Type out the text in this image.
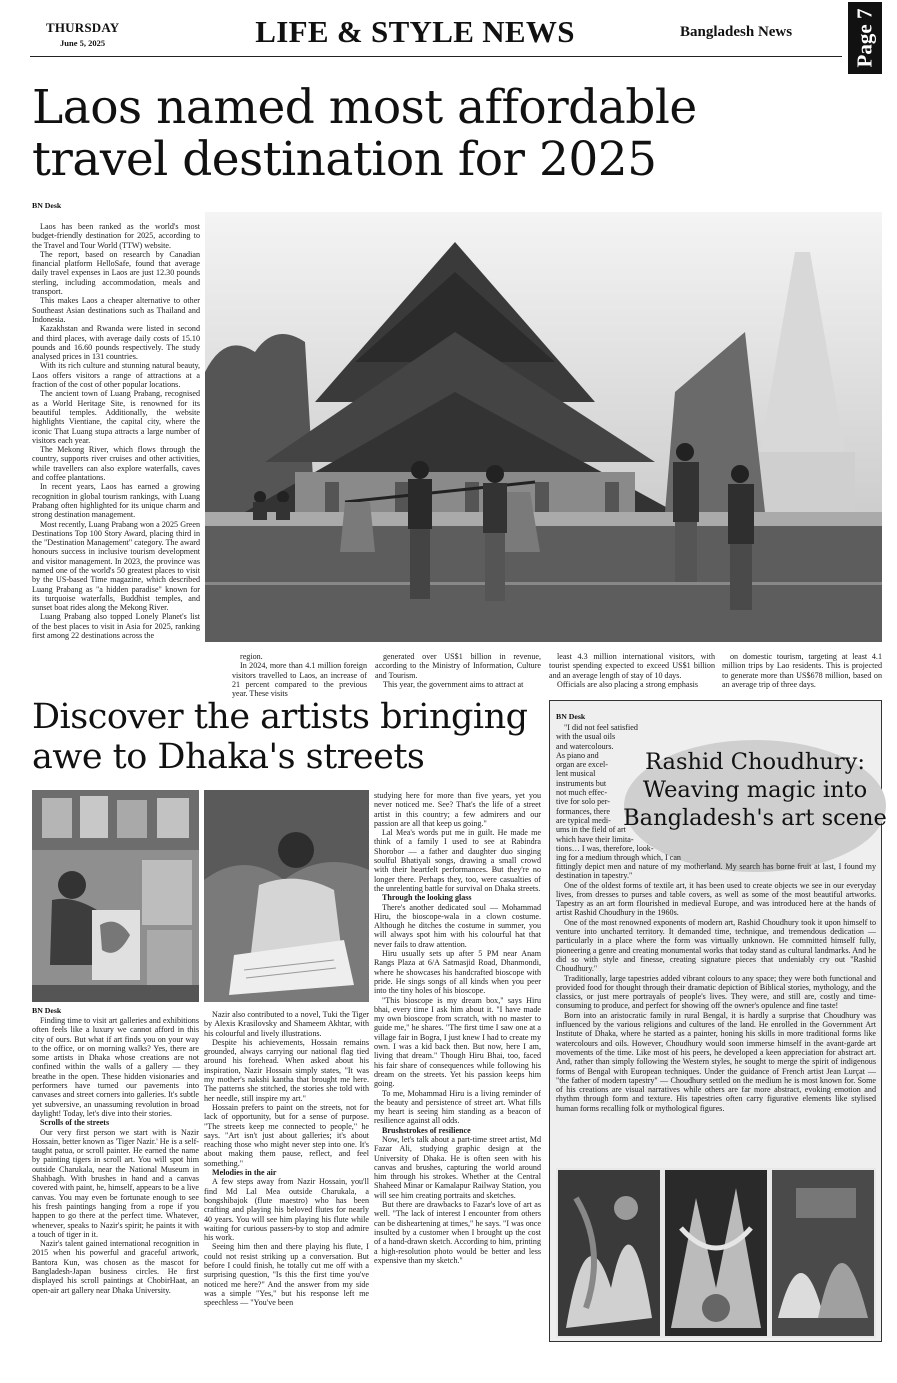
THURSDAY
June 5, 2025	LIFE & STYLE NEWS	Bangladesh News	Page 7
Laos named most affordable
travel destination for 2025
BN Desk

Laos has been ranked as the world's most budget-friendly destination for 2025, according to the Travel and Tour World (TTW) website.

The report, based on research by Canadian financial platform HelloSafe, found that average daily travel expenses in Laos are just 12.30 pounds sterling, including accommodation, meals and transport.

This makes Laos a cheaper alternative to other Southeast Asian destinations such as Thailand and Indonesia.

Kazakhstan and Rwanda were listed in second and third places, with average daily costs of 15.10 pounds and 16.60 pounds respectively. The study analysed prices in 131 countries.

With its rich culture and stunning natural beauty, Laos offers visitors a range of attractions at a fraction of the cost of other popular locations.

The ancient town of Luang Prabang, recognised as a World Heritage Site, is renowned for its beautiful temples. Additionally, the website highlights Vientiane, the capital city, where the iconic That Luang stupa attracts a large number of visitors each year.

The Mekong River, which flows through the country, supports river cruises and other activities, while travellers can also explore waterfalls, caves and coffee plantations.

In recent years, Laos has earned a growing recognition in global tourism rankings, with Luang Prabang often highlighted for its unique charm and strong destination management.

Most recently, Luang Prabang won a 2025 Green Destinations Top 100 Story Award, placing third in the "Destination Management" category. The award honours success in inclusive tourism development and visitor management. In 2023, the province was named one of the world's 50 greatest places to visit by the US-based Time magazine, which described Luang Prabang as "a hidden paradise" known for its turquoise waterfalls, Buddhist temples, and sunset boat rides along the Mekong River.

Luang Prabang also topped Lonely Planet's list of the best places to visit in Asia for 2025, ranking first among 22 destinations across the

region.

In 2024, more than 4.1 million foreign visitors travelled to Laos, an increase of 21 percent compared to the previous year. These visits

generated over US$1 billion in revenue, according to the Ministry of Information, Culture and Tourism.

This year, the government aims to attract at

least 4.3 million international visitors, with tourist spending expected to exceed US$1 billion and an average length of stay of 10 days.

Officials are also placing a strong emphasis

on domestic tourism, targeting at least 4.1 million trips by Lao residents. This is projected to generate more than US$678 million, based on an average trip of three days.

Discover the artists bringing
awe to Dhaka's streets
BN Desk

Finding time to visit art galleries and exhibitions often feels like a luxury we cannot afford in this city of ours. But what if art finds you on your way to the office, or on morning walks? Yes, there are some artists in Dhaka whose creations are not confined within the walls of a gallery — they breathe in the open. These hidden visionaries and performers have turned our pavements into canvases and street corners into galleries. It's subtle yet subversive, an unassuming revolution in broad daylight! Today, let's dive into their stories.

Scrolls of the streets

Our very first person we start with is Nazir Hossain, better known as 'Tiger Nazir.' He is a self-taught patua, or scroll painter. He earned the name by painting tigers in scroll art. You will spot him outside Charukala, near the National Museum in Shahbagh. With brushes in hand and a canvas covered with paint, he, himself, appears to be a live canvas. You may even be fortunate enough to see his fresh paintings hanging from a rope if you happen to go there at the perfect time. Whatever, whenever, speaks to Nazir's spirit; he paints it with a touch of tiger in it.

Nazir's talent gained international recognition in 2015 when his powerful and graceful artwork, Bantora Kun, was chosen as the mascot for Bangladesh-Japan business circles. He first displayed his scroll paintings at ChobirHaat, an open-air art gallery near Dhaka University.

Nazir also contributed to a novel, Tuki the Tiger by Alexis Krasilovsky and Shameem Akhtar, with his colourful and lively illustrations.

Despite his achievements, Hossain remains grounded, always carrying our national flag tied around his forehead. When asked about his inspiration, Nazir Hossain simply states, "It was my mother's nakshi kantha that brought me here. The patterns she stitched, the stories she told with her needle, still inspire my art."

Hossain prefers to paint on the streets, not for lack of opportunity, but for a sense of purpose. "The streets keep me connected to people," he says. "Art isn't just about galleries; it's about reaching those who might never step into one. It's about making them pause, reflect, and feel something."

Melodies in the air

A few steps away from Nazir Hossain, you'll find Md Lal Mea outside Charukala, a bongshibajok (flute maestro) who has been crafting and playing his beloved flutes for nearly 40 years. You will see him playing his flute while waiting for curious passers-by to stop and admire his work.

Seeing him then and there playing his flute, I could not resist striking up a conversation. But before I could finish, he totally cut me off with a surprising question, "Is this the first time you've noticed me here?" And the answer from my side was a simple "Yes," but his response left me speechless — "You've been

studying here for more than five years, yet you never noticed me. See? That's the life of a street artist in this country; a few admirers and our passion are all that keep us going."

Lal Mea's words put me in guilt. He made me think of a family I used to see at Rabindra Shorobor — a father and daughter duo singing soulful Bhatiyali songs, drawing a small crowd with their heartfelt performances. But they're no longer there. Perhaps they, too, were casualties of the unrelenting battle for survival on Dhaka streets.

Through the looking glass

There's another dedicated soul — Mohammad Hiru, the bioscope-wala in a clown costume. Although he ditches the costume in summer, you will always spot him with his colourful hat that never fails to draw attention.

Hiru usually sets up after 5 PM near Anam Rangs Plaza at 6/A Satmasjid Road, Dhanmondi, where he showcases his handcrafted bioscope with pride. He sings songs of all kinds when you peer into the tiny holes of his bioscope.

"This bioscope is my dream box," says Hiru bhai, every time I ask him about it. "I have made my own bioscope from scratch, with no master to guide me," he shares. "The first time I saw one at a village fair in Bogra, I just knew I had to create my own. I was a kid back then. But now, here I am, living that dream." Though Hiru Bhai, too, faced his fair share of consequences while following his dream on the streets. Yet his passion keeps him going.

To me, Mohammad Hiru is a living reminder of the beauty and persistence of street art. What fills my heart is seeing him standing as a beacon of resilience against all odds.

Brushstrokes of resilience

Now, let's talk about a part-time street artist, Md Fazar Ali, studying graphic design at the University of Dhaka. He is often seen with his canvas and brushes, capturing the world around him through his strokes. Whether at the Central Shaheed Minar or Kamalapur Railway Station, you will see him creating portraits and sketches.

But there are drawbacks to Fazar's love of art as well. "The lack of interest I encounter from others can be disheartening at times," he says. "I was once insulted by a customer when I brought up the cost of a hand-drawn sketch. According to him, printing a high-resolution photo would be better and less expensive than my sketch."

BN Desk
Rashid Choudhury: Weaving magic into Bangladesh's art scene
"I did not feel satisfied
with the usual oils
and watercolours.
As piano and
organ are excel-
lent musical
instruments but
not much effec-
tive for solo per-
formances, there
are typical medi-
ums in the field of art
which have their limita-
tions… I was, therefore, look-
ing for a medium through which, I can

fittingly depict men and nature of my motherland. My search has borne fruit at last, I found my destination in tapestry."

One of the oldest forms of textile art, it has been used to create objects we see in our everyday lives, from dresses to purses and table covers, as well as some of the most beautiful artworks. Tapestry as an art form flourished in medieval Europe, and was introduced here at the hands of artist Rashid Choudhury in the 1960s.

One of the most renowned exponents of modern art, Rashid Choudhury took it upon himself to venture into uncharted territory. It demanded time, technique, and tremendous dedication — particularly in a place where the form was virtually unknown. He committed himself fully, pioneering a genre and creating monumental works that today stand as cultural landmarks. And he did so with style and finesse, creating signature pieces that undeniably cry out "Rashid Choudhury."

Traditionally, large tapestries added vibrant colours to any space; they were both functional and provided food for thought through their dramatic depiction of Biblical stories, mythology, and the classics, or just mere portrayals of people's lives. They were, and still are, costly and time-consuming to produce, and perfect for showing off the owner's opulence and fine taste!

Born into an aristocratic family in rural Bengal, it is hardly a surprise that Choudhury was influenced by the various religions and cultures of the land. He enrolled in the Government Art Institute of Dhaka, where he started as a painter, honing his skills in more traditional forms like watercolours and oils. However, Choudhury would soon immerse himself in the avant-garde art movements of the time. Like most of his peers, he developed a keen appreciation for abstract art. And, rather than simply following the Western styles, he sought to merge the spirit of indigenous forms of Bengal with European techniques. Under the guidance of French artist Jean Lurçat — "the father of modern tapestry" — Choudhury settled on the medium he is most known for. Some of his creations are visual narratives while others are far more abstract, evoking emotion and rhythm through form and texture. His tapestries often carry figurative elements like stylised human forms recalling folk or mythological figures.
